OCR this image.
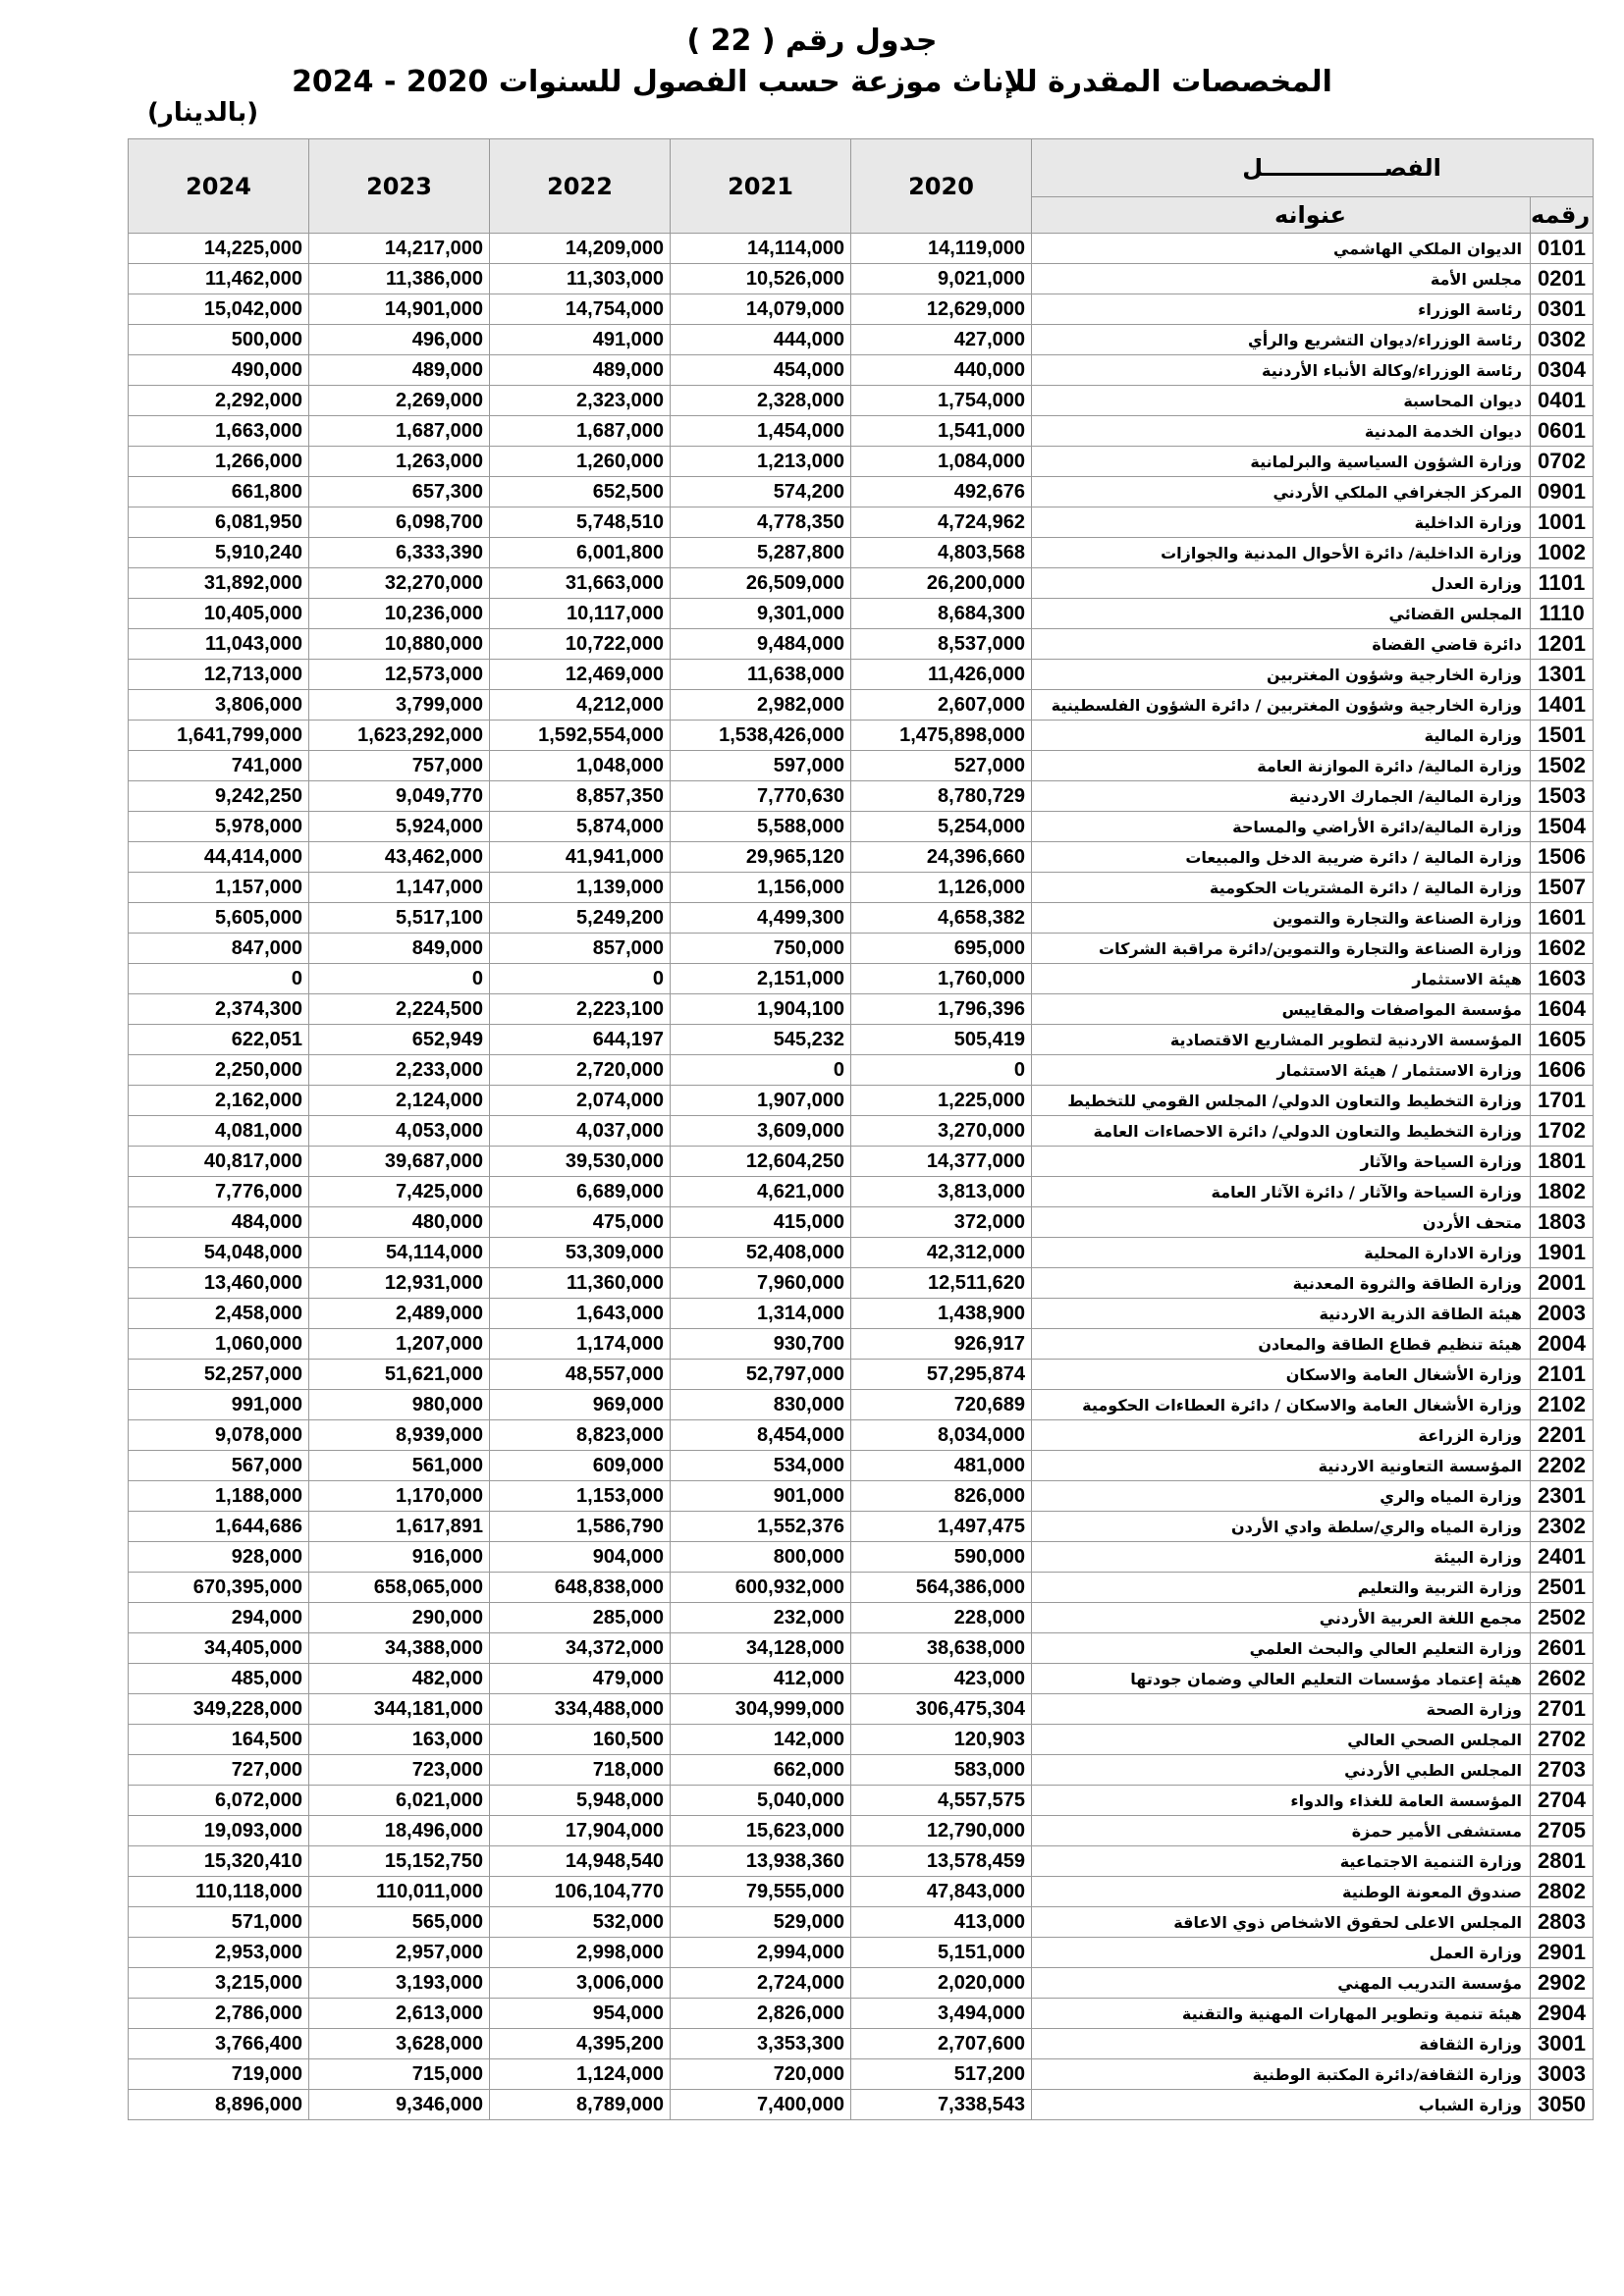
جدول رقم ( 22 )
المخصصات المقدرة للإناث موزعة حسب الفصول للسنوات 2020 - 2024
(بالدينار)
2024	2023	2022	2021	2020	الفصـــــــــــــــل	
					عنوانه	رقمه
14,225,000	14,217,000	14,209,000	14,114,000	14,119,000	الديوان الملكي الهاشمي	0101
11,462,000	11,386,000	11,303,000	10,526,000	9,021,000	مجلس الأمة	0201
15,042,000	14,901,000	14,754,000	14,079,000	12,629,000	رئاسة الوزراء	0301
500,000	496,000	491,000	444,000	427,000	رئاسة الوزراء/ديوان التشريع والرأي	0302
490,000	489,000	489,000	454,000	440,000	رئاسة الوزراء/وكالة الأنباء الأردنية	0304
2,292,000	2,269,000	2,323,000	2,328,000	1,754,000	ديوان المحاسبة	0401
1,663,000	1,687,000	1,687,000	1,454,000	1,541,000	ديوان الخدمة المدنية	0601
1,266,000	1,263,000	1,260,000	1,213,000	1,084,000	وزارة الشؤون السياسية والبرلمانية	0702
661,800	657,300	652,500	574,200	492,676	المركز الجغرافي الملكي الأردني	0901
6,081,950	6,098,700	5,748,510	4,778,350	4,724,962	وزارة الداخلية	1001
5,910,240	6,333,390	6,001,800	5,287,800	4,803,568	وزارة الداخلية/ دائرة الأحوال المدنية والجوازات	1002
31,892,000	32,270,000	31,663,000	26,509,000	26,200,000	وزارة العدل	1101
10,405,000	10,236,000	10,117,000	9,301,000	8,684,300	المجلس القضائي	1110
11,043,000	10,880,000	10,722,000	9,484,000	8,537,000	دائرة قاضي القضاة	1201
12,713,000	12,573,000	12,469,000	11,638,000	11,426,000	وزارة الخارجية وشؤون المغتربين	1301
3,806,000	3,799,000	4,212,000	2,982,000	2,607,000	وزارة الخارجية وشؤون المغتربين / دائرة الشؤون الفلسطينية	1401
1,641,799,000	1,623,292,000	1,592,554,000	1,538,426,000	1,475,898,000	وزارة المالية	1501
741,000	757,000	1,048,000	597,000	527,000	وزارة المالية/ دائرة الموازنة العامة	1502
9,242,250	9,049,770	8,857,350	7,770,630	8,780,729	وزارة المالية/ الجمارك الاردنية	1503
5,978,000	5,924,000	5,874,000	5,588,000	5,254,000	وزارة المالية/دائرة الأراضي والمساحة	1504
44,414,000	43,462,000	41,941,000	29,965,120	24,396,660	وزارة المالية / دائرة ضريبة الدخل والمبيعات	1506
1,157,000	1,147,000	1,139,000	1,156,000	1,126,000	وزارة المالية / دائرة المشتريات الحكومية	1507
5,605,000	5,517,100	5,249,200	4,499,300	4,658,382	وزارة الصناعة والتجارة والتموين	1601
847,000	849,000	857,000	750,000	695,000	وزارة الصناعة والتجارة والتموين/دائرة مراقبة الشركات	1602
0	0	0	2,151,000	1,760,000	هيئة الاستثمار	1603
2,374,300	2,224,500	2,223,100	1,904,100	1,796,396	مؤسسة المواصفات والمقاييس	1604
622,051	652,949	644,197	545,232	505,419	المؤسسة الاردنية لتطوير المشاريع الاقتصادية	1605
2,250,000	2,233,000	2,720,000	0	0	وزارة الاستثمار / هيئة الاستثمار	1606
2,162,000	2,124,000	2,074,000	1,907,000	1,225,000	وزارة التخطيط والتعاون الدولي/ المجلس القومي للتخطيط	1701
4,081,000	4,053,000	4,037,000	3,609,000	3,270,000	وزارة التخطيط والتعاون الدولي/ دائرة الاحصاءات العامة	1702
40,817,000	39,687,000	39,530,000	12,604,250	14,377,000	وزارة السياحة والآثار	1801
7,776,000	7,425,000	6,689,000	4,621,000	3,813,000	وزارة السياحة والآثار / دائرة الآثار العامة	1802
484,000	480,000	475,000	415,000	372,000	متحف الأردن	1803
54,048,000	54,114,000	53,309,000	52,408,000	42,312,000	وزارة الادارة المحلية	1901
13,460,000	12,931,000	11,360,000	7,960,000	12,511,620	وزارة الطاقة والثروة المعدنية	2001
2,458,000	2,489,000	1,643,000	1,314,000	1,438,900	هيئة الطاقة الذرية الاردنية	2003
1,060,000	1,207,000	1,174,000	930,700	926,917	هيئة تنظيم قطاع الطاقة والمعادن	2004
52,257,000	51,621,000	48,557,000	52,797,000	57,295,874	وزارة الأشغال العامة والاسكان	2101
991,000	980,000	969,000	830,000	720,689	وزارة الأشغال العامة والاسكان / دائرة العطاءات الحكومية	2102
9,078,000	8,939,000	8,823,000	8,454,000	8,034,000	وزارة الزراعة	2201
567,000	561,000	609,000	534,000	481,000	المؤسسة التعاونية الاردنية	2202
1,188,000	1,170,000	1,153,000	901,000	826,000	وزارة المياه والري	2301
1,644,686	1,617,891	1,586,790	1,552,376	1,497,475	وزارة المياه والري/سلطة وادي الأردن	2302
928,000	916,000	904,000	800,000	590,000	وزارة البيئة	2401
670,395,000	658,065,000	648,838,000	600,932,000	564,386,000	وزارة التربية والتعليم	2501
294,000	290,000	285,000	232,000	228,000	مجمع اللغة العربية الأردني	2502
34,405,000	34,388,000	34,372,000	34,128,000	38,638,000	وزارة التعليم العالي والبحث العلمي	2601
485,000	482,000	479,000	412,000	423,000	هيئة إعتماد مؤسسات التعليم العالي وضمان جودتها	2602
349,228,000	344,181,000	334,488,000	304,999,000	306,475,304	وزارة الصحة	2701
164,500	163,000	160,500	142,000	120,903	المجلس الصحي العالي	2702
727,000	723,000	718,000	662,000	583,000	المجلس الطبي الأردني	2703
6,072,000	6,021,000	5,948,000	5,040,000	4,557,575	المؤسسة العامة للغذاء والدواء	2704
19,093,000	18,496,000	17,904,000	15,623,000	12,790,000	مستشفى الأمير حمزة	2705
15,320,410	15,152,750	14,948,540	13,938,360	13,578,459	وزارة التنمية الاجتماعية	2801
110,118,000	110,011,000	106,104,770	79,555,000	47,843,000	صندوق المعونة الوطنية	2802
571,000	565,000	532,000	529,000	413,000	المجلس الاعلى لحقوق الاشخاص ذوي الاعاقة	2803
2,953,000	2,957,000	2,998,000	2,994,000	5,151,000	وزارة العمل	2901
3,215,000	3,193,000	3,006,000	2,724,000	2,020,000	مؤسسة التدريب المهني	2902
2,786,000	2,613,000	954,000	2,826,000	3,494,000	هيئة تنمية وتطوير المهارات المهنية والتقنية	2904
3,766,400	3,628,000	4,395,200	3,353,300	2,707,600	وزارة الثقافة	3001
719,000	715,000	1,124,000	720,000	517,200	وزارة الثقافة/دائرة المكتبة الوطنية	3003
8,896,000	9,346,000	8,789,000	7,400,000	7,338,543	وزارة الشباب	3050
